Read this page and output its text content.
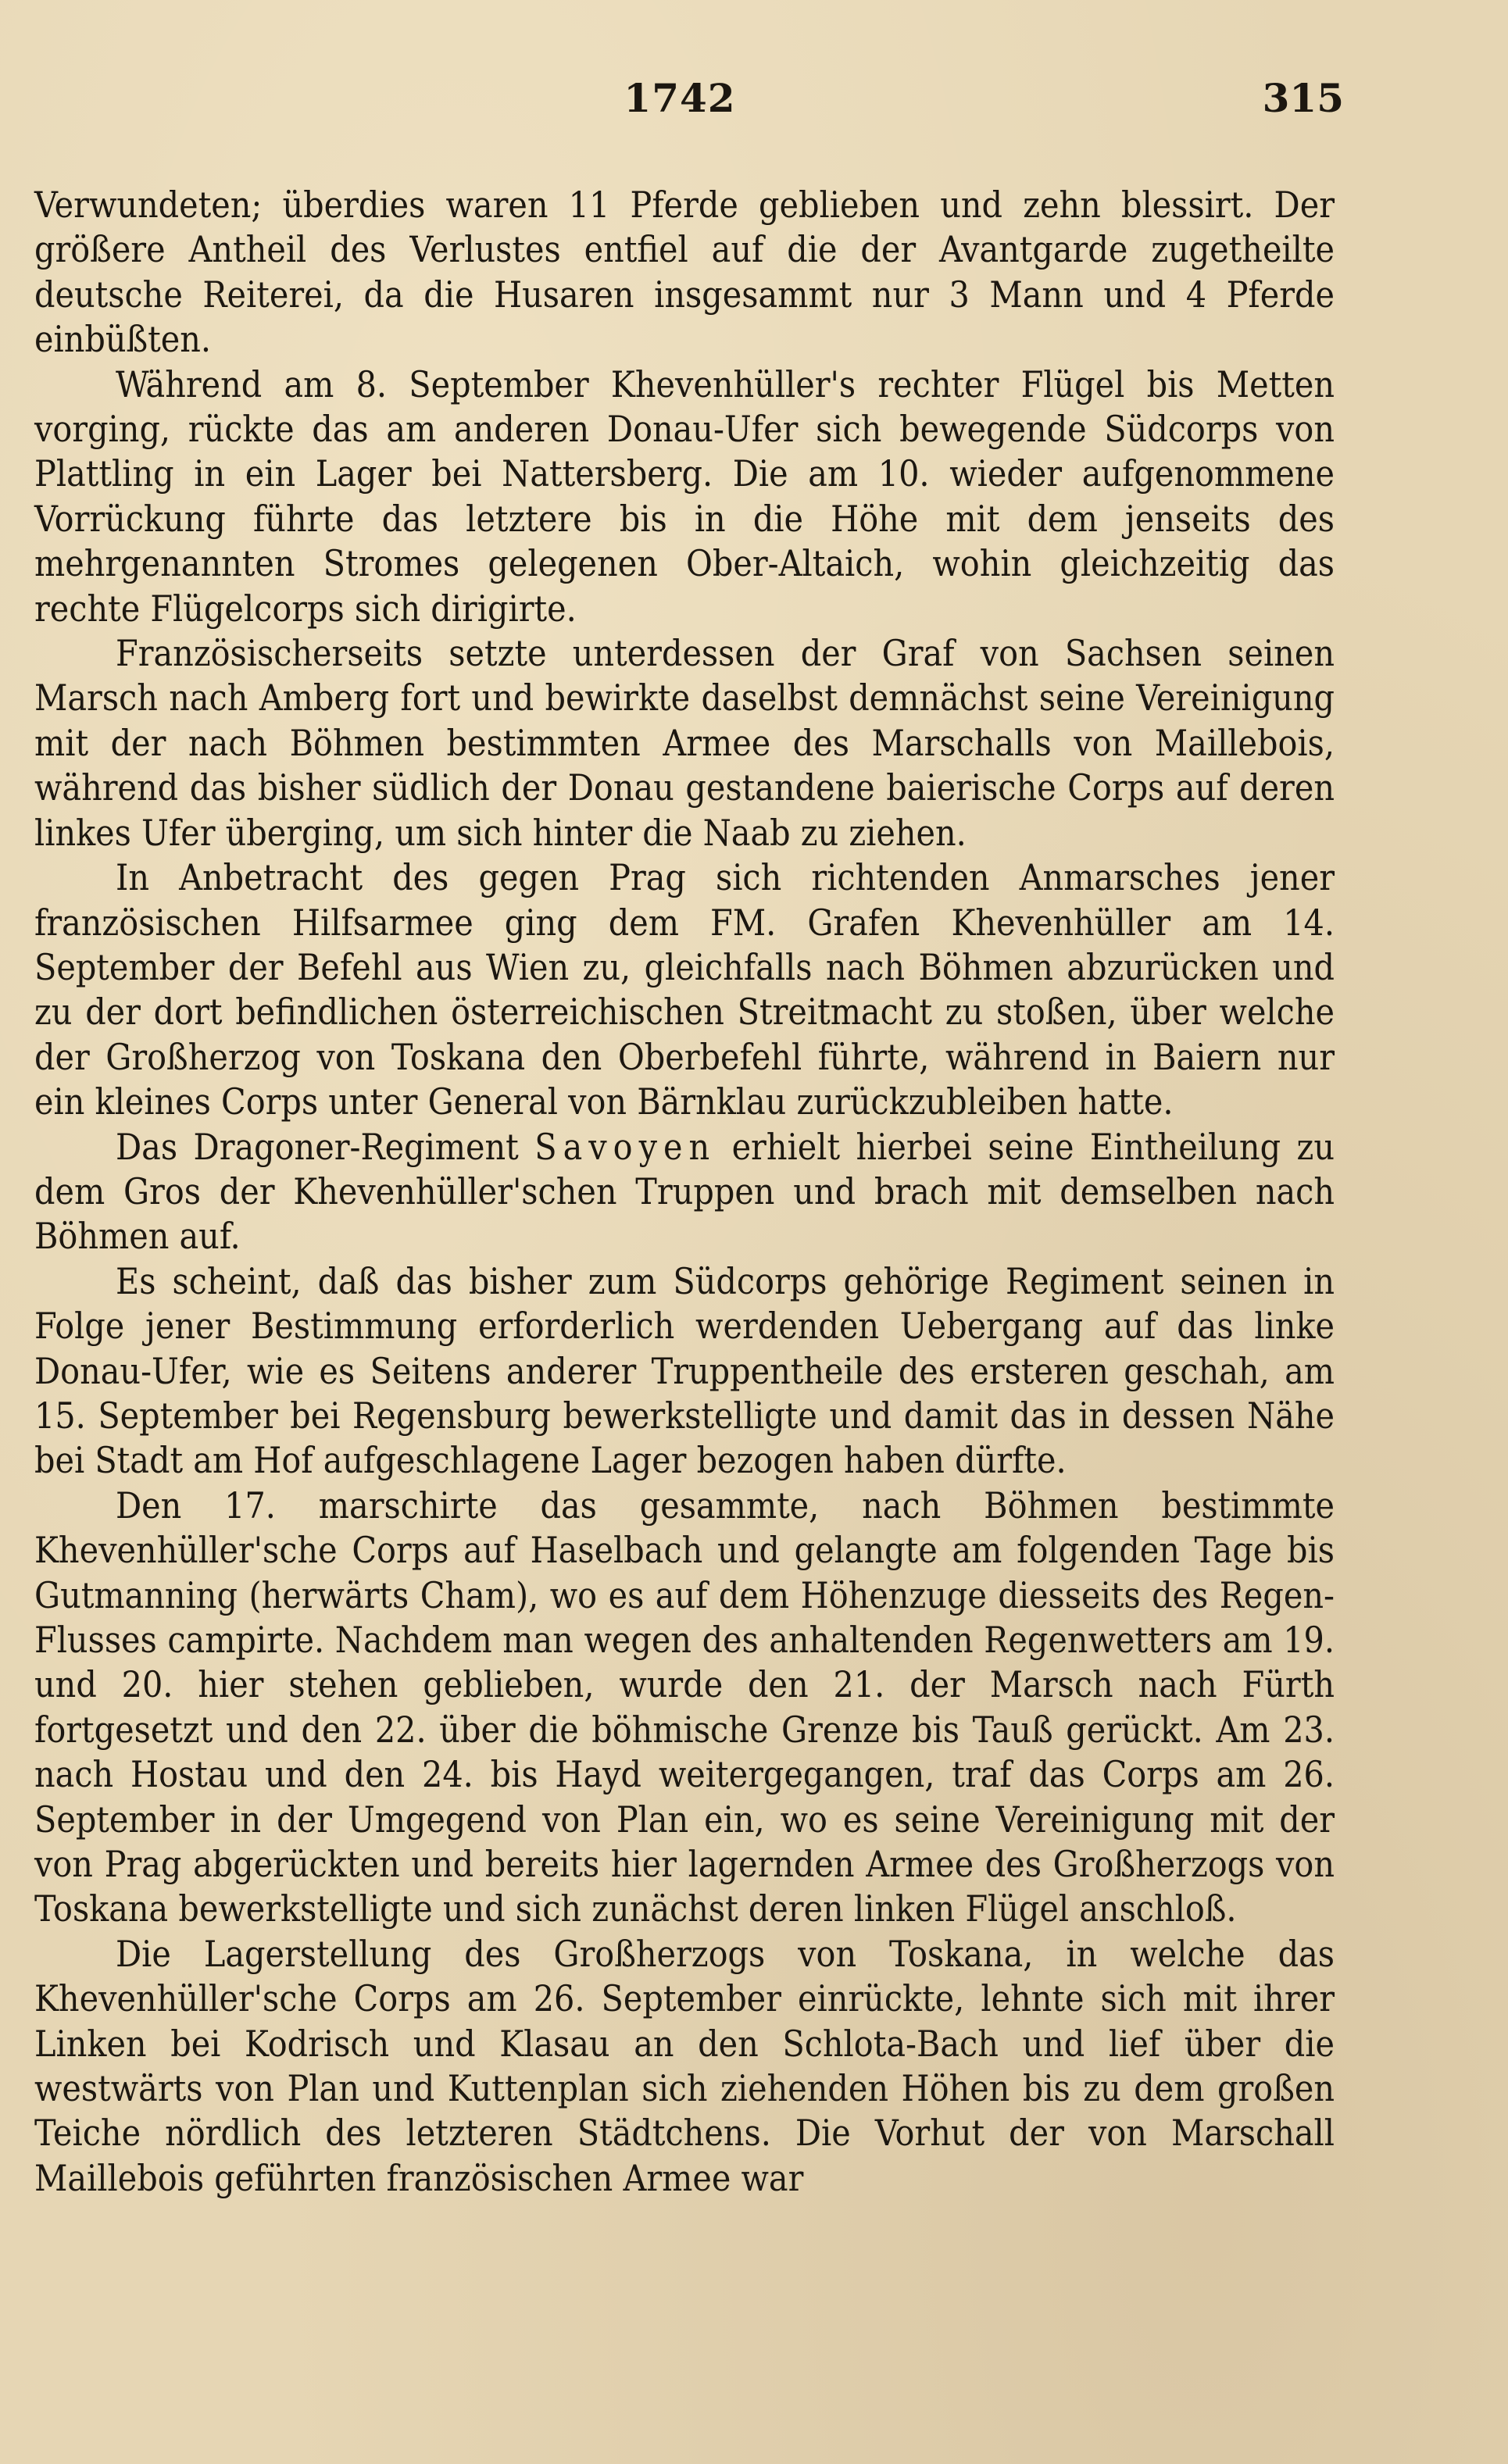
1742	315

Verwundeten; überdies waren 11 Pferde geblieben und zehn blessirt. Der größere Antheil des Verlustes entfiel auf die der Avantgarde zugetheilte deutsche Reiterei, da die Husaren insgesammt nur 3 Mann und 4 Pferde einbüßten.

Während am 8. September Khevenhüller's rechter Flügel bis Metten vorging, rückte das am anderen Donau-Ufer sich bewegende Südcorps von Plattling in ein Lager bei Nattersberg. Die am 10. wieder aufgenommene Vorrückung führte das letztere bis in die Höhe mit dem jenseits des mehrgenannten Stromes gelegenen Ober-Altaich, wohin gleichzeitig das rechte Flügelcorps sich dirigirte.

Französischerseits setzte unterdessen der Graf von Sachsen seinen Marsch nach Amberg fort und bewirkte daselbst demnächst seine Vereinigung mit der nach Böhmen bestimmten Armee des Marschalls von Maillebois, während das bisher südlich der Donau gestandene baierische Corps auf deren linkes Ufer überging, um sich hinter die Naab zu ziehen.

In Anbetracht des gegen Prag sich richtenden Anmarsches jener französischen Hilfsarmee ging dem FM. Grafen Khevenhüller am 14. September der Befehl aus Wien zu, gleichfalls nach Böhmen abzurücken und zu der dort befindlichen österreichischen Streitmacht zu stoßen, über welche der Großherzog von Toskana den Oberbefehl führte, während in Baiern nur ein kleines Corps unter General von Bärnklau zurückzubleiben hatte.

Das Dragoner-Regiment Savoyen erhielt hierbei seine Eintheilung zu dem Gros der Khevenhüller'schen Truppen und brach mit demselben nach Böhmen auf.

Es scheint, daß das bisher zum Südcorps gehörige Regiment seinen in Folge jener Bestimmung erforderlich werdenden Uebergang auf das linke Donau-Ufer, wie es Seitens anderer Truppentheile des ersteren geschah, am 15. September bei Regensburg bewerkstelligte und damit das in dessen Nähe bei Stadt am Hof aufgeschlagene Lager bezogen haben dürfte.

Den 17. marschirte das gesammte, nach Böhmen bestimmte Khevenhüller'sche Corps auf Haselbach und gelangte am folgenden Tage bis Gutmanning (herwärts Cham), wo es auf dem Höhenzuge diesseits des Regen-Flusses campirte. Nachdem man wegen des anhaltenden Regenwetters am 19. und 20. hier stehen geblieben, wurde den 21. der Marsch nach Fürth fortgesetzt und den 22. über die böhmische Grenze bis Tauß gerückt. Am 23. nach Hostau und den 24. bis Hayd weitergegangen, traf das Corps am 26. September in der Umgegend von Plan ein, wo es seine Vereinigung mit der von Prag abgerückten und bereits hier lagernden Armee des Großherzogs von Toskana bewerkstelligte und sich zunächst deren linken Flügel anschloß.

Die Lagerstellung des Großherzogs von Toskana, in welche das Khevenhüller'sche Corps am 26. September einrückte, lehnte sich mit ihrer Linken bei Kodrisch und Klasau an den Schlota-Bach und lief über die westwärts von Plan und Kuttenplan sich ziehenden Höhen bis zu dem großen Teiche nördlich des letzteren Städtchens. Die Vorhut der von Marschall Maillebois geführten französischen Armee war
